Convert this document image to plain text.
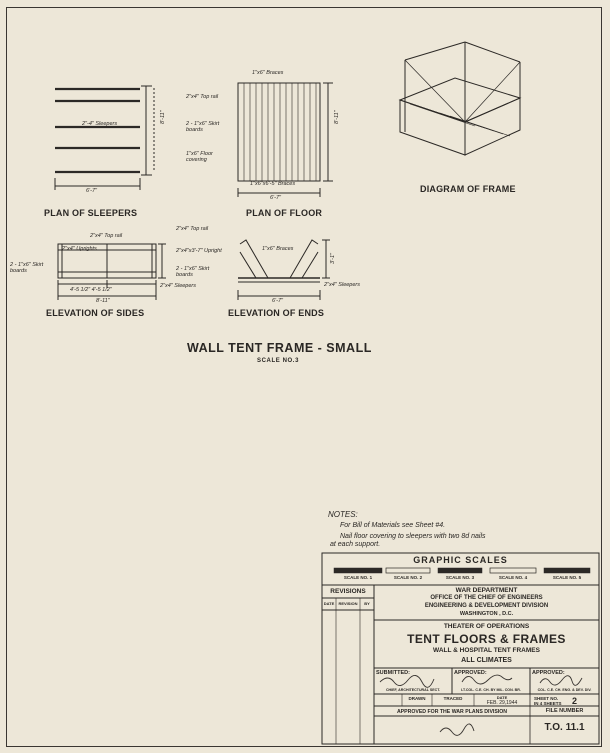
PLAN OF SLEEPERS	PLAN OF FLOOR
DIAGRAM OF FRAME
ELEVATION OF SIDES	ELEVATION OF ENDS
2"-4" Sleepers
6'-7"
8'-11"
1"x6" Braces
2"x4" Top rail
2 - 1"x6" Skirt boards
1"x6" Floor covering
1"x6"x6'-5" Braces
6'-7"
8'-11"
2"x4" Top rail
2"x4" Uprights
2 - 1"x6" Skirt boards
2"x4" Sleepers
4'-5 1/2" 4'-5 1/2"
8'-11"
2"x4" Top rail
1"x6" Braces
2"x4"x3'-7" Upright
2 - 1"x6" Skirt boards
2"x4" Sleepers
6'-7"
3'-1"
WALL TENT FRAME - SMALL
SCALE NO.3
NOTES:
For Bill of Materials see Sheet #4.
Nail floor covering to sleepers with two 8d nails
at each support.
GRAPHIC SCALES
SCALE NO. 1	SCALE NO. 2	SCALE NO. 3	SCALE NO. 4	SCALE NO. 5
REVISIONS
DATE	REVISION	BY
WAR DEPARTMENT
OFFICE OF THE CHIEF OF ENGINEERS
ENGINEERING & DEVELOPMENT DIVISION
WASHINGTON , D.C.
THEATER OF OPERATIONS
TENT FLOORS & FRAMES
WALL & HOSPITAL TENT FRAMES
ALL CLIMATES
SUBMITTED:	APPROVED:	APPROVED:
CHIEF, ARCHITECTURAL SECT.	LT.COL. C.E. CH. BY MIL. CON. BR.	COL. C.E. CH. ENG. & DEV. DIV.
DRAWN	TRACED	DATE
FEB. 29,1944
SHEET NO.
IN 4 SHEETS 2
APPROVED FOR THE WAR PLANS DIVISION	FILE NUMBER
T.O. 11.1
